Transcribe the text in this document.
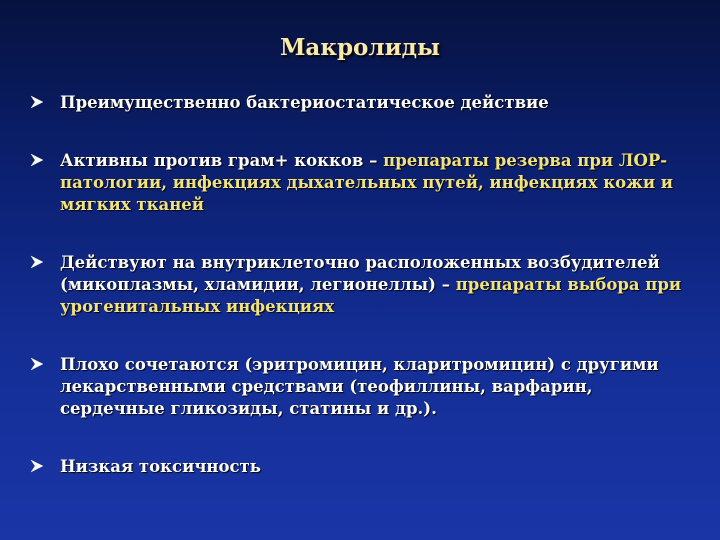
Макролиды
Преимущественно бактериостатическое действие
Активны против грам+ кокков – препараты резерва при ЛОР-патологии, инфекциях дыхательных путей, инфекциях кожи и мягких тканей
Действуют на внутриклеточно расположенных возбудителей (микоплазмы, хламидии, легионеллы) – препараты выбора при урогенитальных инфекциях
Плохо сочетаются (эритромицин, кларитромицин) с другими лекарственными средствами (теофиллины, варфарин, сердечные гликозиды, статины и др.).
Низкая токсичность
